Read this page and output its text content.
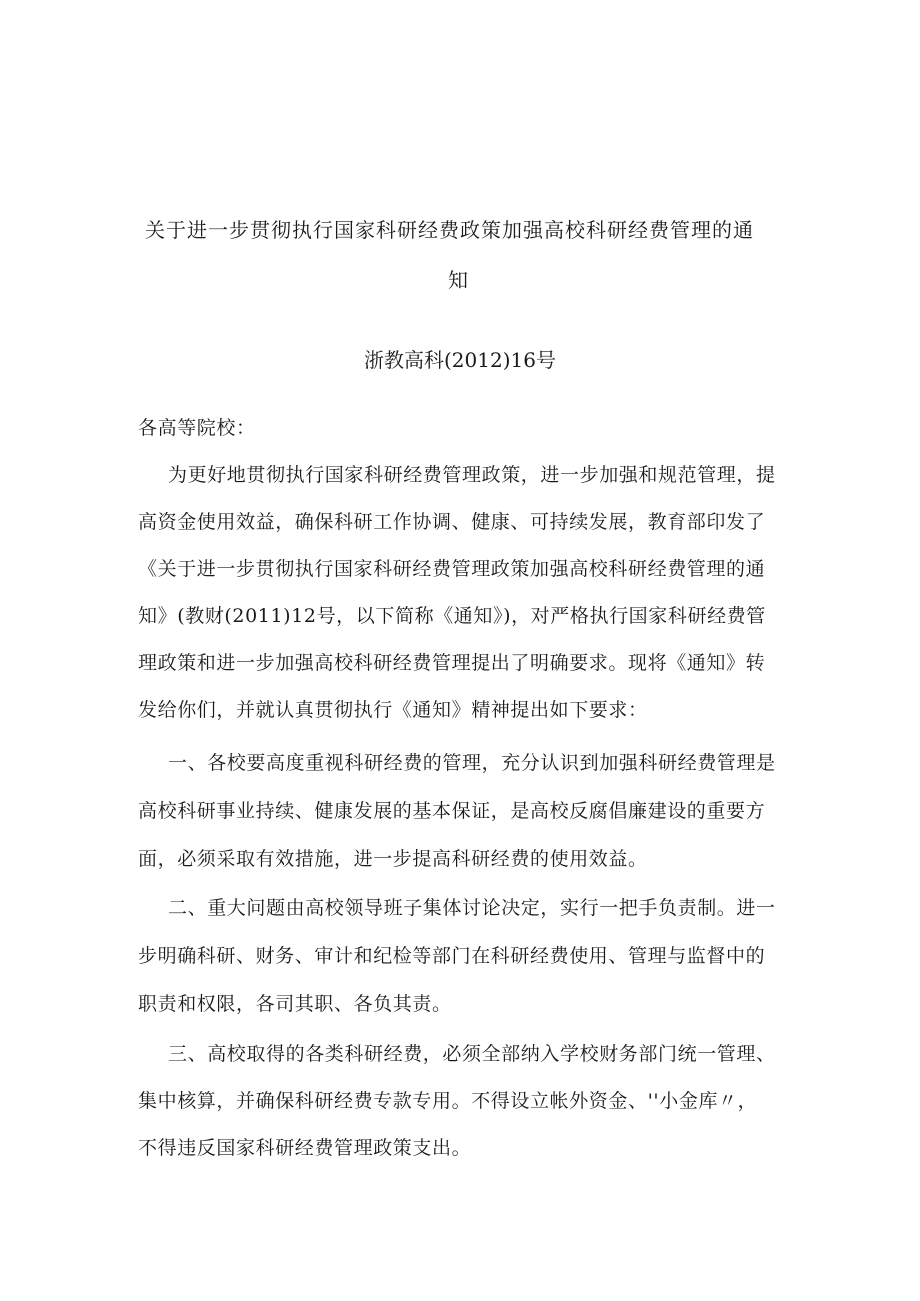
关于进一步贯彻执行国家科研经费政策加强高校科研经费管理的通
知
浙教高科(2012)16号
各高等院校：
为更好地贯彻执行国家科研经费管理政策，进一步加强和规范管理，提
高资金使用效益，确保科研工作协调、健康、可持续发展，教育部印发了
《关于进一步贯彻执行国家科研经费管理政策加强高校科研经费管理的通
知》(教财(2011)12号，以下简称《通知》)，对严格执行国家科研经费管
理政策和进一步加强高校科研经费管理提出了明确要求。现将《通知》转
发给你们，并就认真贯彻执行《通知》精神提出如下要求：
一、各校要高度重视科研经费的管理，充分认识到加强科研经费管理是
高校科研事业持续、健康发展的基本保证，是高校反腐倡廉建设的重要方
面，必须采取有效措施，进一步提高科研经费的使用效益。
二、重大问题由高校领导班子集体讨论决定，实行一把手负责制。进一
步明确科研、财务、审计和纪检等部门在科研经费使用、管理与监督中的
职责和权限，各司其职、各负其责。
三、高校取得的各类科研经费，必须全部纳入学校财务部门统一管理、
集中核算，并确保科研经费专款专用。不得设立帐外资金、''小金库〃，
不得违反国家科研经费管理政策支出。
